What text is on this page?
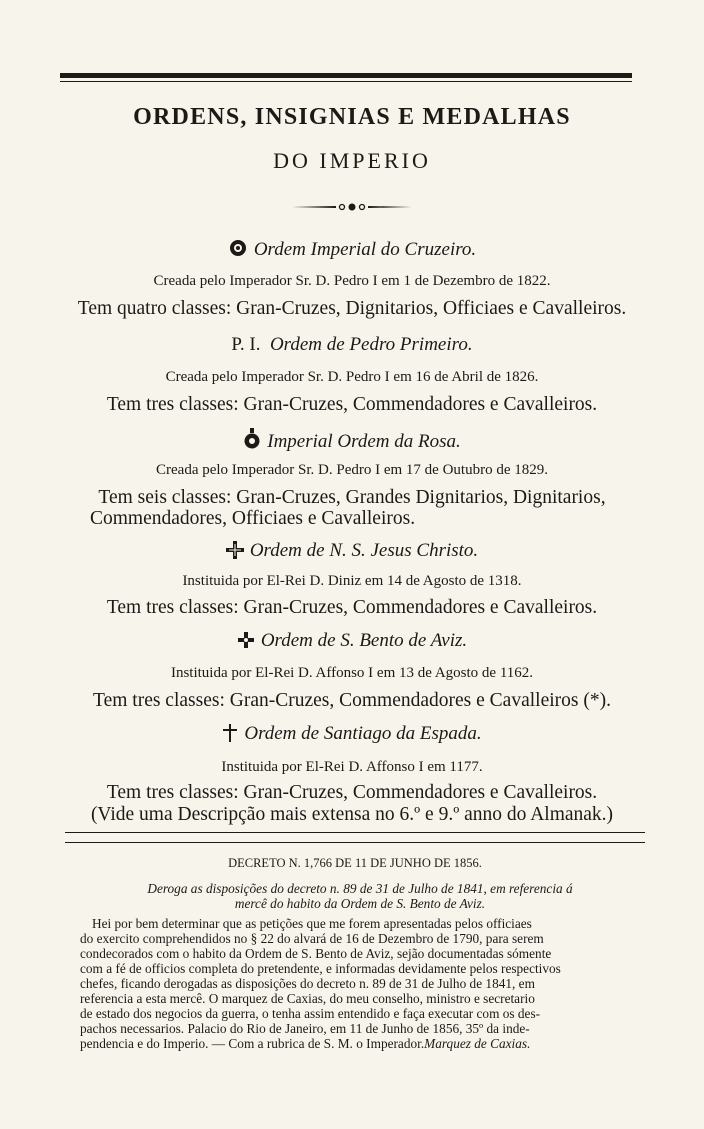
ORDENS, INSIGNIAS E MEDALHAS
DO IMPERIO
Ordem Imperial do Cruzeiro.
Creada pelo Imperador Sr. D. Pedro I em 1 de Dezembro de 1822.
Tem quatro classes: Gran-Cruzes, Dignitarios, Officiaes e Cavalleiros.
P. I. Ordem de Pedro Primeiro.
Creada pelo Imperador Sr. D. Pedro I em 16 de Abril de 1826.
Tem tres classes: Gran-Cruzes, Commendadores e Cavalleiros.
Imperial Ordem da Rosa.
Creada pelo Imperador Sr. D. Pedro I em 17 de Outubro de 1829.
Tem seis classes: Gran-Cruzes, Grandes Dignitarios, Dignitarios,
Commendadores, Officiaes e Cavalleiros.
Ordem de N. S. Jesus Christo.
Instituida por El-Rei D. Diniz em 14 de Agosto de 1318.
Tem tres classes: Gran-Cruzes, Commendadores e Cavalleiros.
Ordem de S. Bento de Aviz.
Instituida por El-Rei D. Affonso I em 13 de Agosto de 1162.
Tem tres classes: Gran-Cruzes, Commendadores e Cavalleiros (*).
Ordem de Santiago da Espada.
Instituida por El-Rei D. Affonso I em 1177.
Tem tres classes: Gran-Cruzes, Commendadores e Cavalleiros.
(Vide uma Descripção mais extensa no 6.º e 9.º anno do Almanak.)
DECRETO N. 1,766 DE 11 DE JUNHO DE 1856.
Deroga as disposições do decreto n. 89 de 31 de Julho de 1841, em referencia á
mercê do habito da Ordem de S. Bento de Aviz.
Hei por bem determinar que as petições que me forem apresentadas pelos officiaes
do exercito comprehendidos no § 22 do alvará de 16 de Dezembro de 1790, para serem
condecorados com o habito da Ordem de S. Bento de Aviz, sejão documentadas sómente
com a fé de officios completa do pretendente, e informadas devidamente pelos respectivos
chefes, ficando derogadas as disposições do decreto n. 89 de 31 de Julho de 1841, em
referencia a esta mercê. O marquez de Caxias, do meu conselho, ministro e secretario
de estado dos negocios da guerra, o tenha assim entendido e faça executar com os des-
pachos necessarios. Palacio do Rio de Janeiro, em 11 de Junho de 1856, 35º da inde-
pendencia e do Imperio. — Com a rubrica de S. M. o Imperador.Marquez de Caxias.
